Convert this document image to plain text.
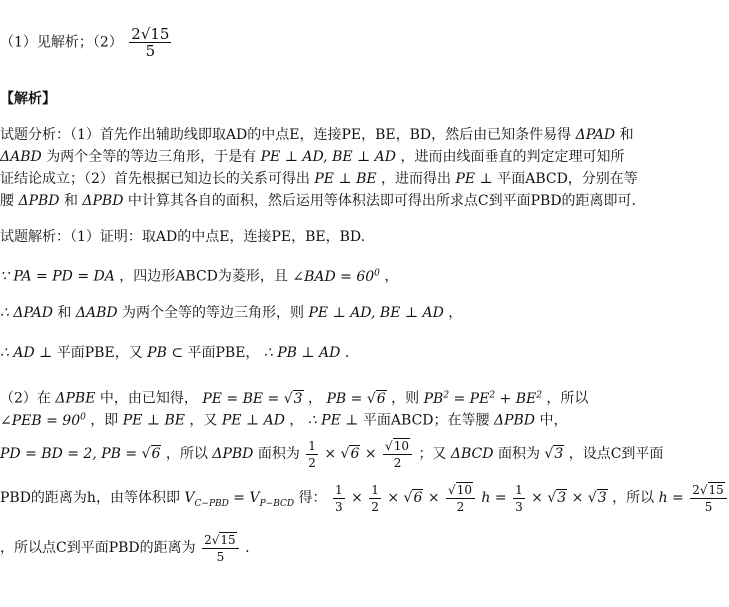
（1）见解析；$(2) \frac{2√15}{5}$
【解析】
试题分析：（1）首先作出辅助线即取AD的中点E，连接PE，BE，BD，然后由已知条件易得 ΔPAD 和
ΔABD 为两个全等的等边三角形，于是有 PE ⊥ AD, BE ⊥ AD ，进而由线面垂直的判定定理可知所
证结论成立；（2）首先根据已知边长的关系可得出 PE ⊥ BE ，进而得出 PE ⊥ 平面ABCD，分别在等
腰 ΔPBD 和 ΔPBD 中计算其各自的面积，然后运用等体积法即可得出所求点C到平面PBD的距离即可.
试题解析：（1）证明：取AD的中点E，连接PE，BE，BD.
∵ PA = PD = DA ，四边形ABCD为菱形，且 ∠BAD = $60^0$ ，
∴ ΔPAD 和 ΔABD 为两个全等的等边三角形，则 PE ⊥ AD, BE ⊥ AD ，
∴ AD ⊥ 平面PBE，又 PB ⊂ 平面PBE， ∴ PB ⊥ AD .
（2）在 ΔPBE 中，由已知得， PE = BE = √3 ， PB = √6 ，则 $PB^2 = PE^2 + BE^2$ ，所以
∠PEB = $90^0$ ，即 PE ⊥ BE ，又 PE ⊥ AD ， ∴ PE ⊥ 平面ABCD；在等腰 ΔPBD 中，
PD = BD = 2, PB = √6 ，所以 ΔPBD 面积为 $\frac{1}{2} \times √6 \times \frac{√10}{2}$ ；又 ΔBCD 面积为 √3 ，设点C到平面
PBD的距离为h，由等体积即 $V_{C-PBD} = V_{P-BCD}$ 得： $\frac{1}{3} \times \frac{1}{2} \times √6 \times \frac{√10}{2}$ $h = \frac{1}{3} \times √3 \times √3$ ，所以 $h = \frac{2√15}{5}$
，所以点C到平面PBD的距离为 $\frac{2√15}{5}$ .
